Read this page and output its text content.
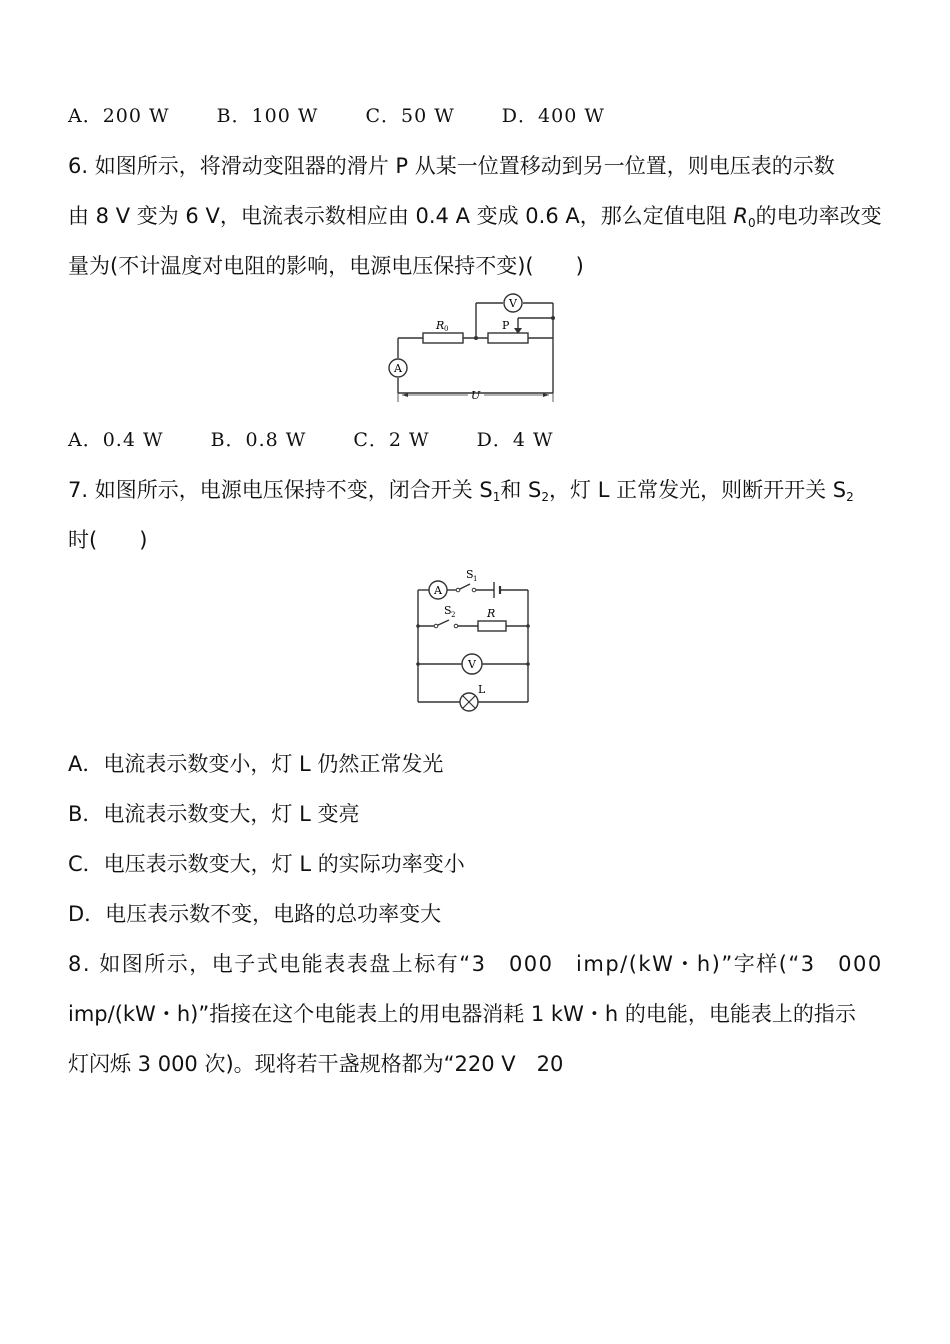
A．200 W B．100 W C．50 W D．400 W
6. 如图所示，将滑动变阻器的滑片 P 从某一位置移动到另一位置，则电压表的示数
由 8 V 变为 6 V，电流表示数相应由 0.4 A 变成 0.6 A，那么定值电阻 $R_0$的电功率改变
量为(不计温度对电阻的影响，电源电压保持不变)(　　)
V
A
R 0	P
U
A．0.4 W B．0.8 W C．2 W D．4 W
7. 如图所示，电源电压保持不变，闭合开关 $S_1$和 $S_2$，灯 L 正常发光，则断开开关 $S_2$
时(　　)
A
S 1
S 2	R
V
L
A．电流表示数变小，灯 L 仍然正常发光
B．电流表示数变大，灯 L 变亮
C．电压表示数变大，灯 L 的实际功率变小
D．电压表示数不变，电路的总功率变大
8. 如图所示，电子式电能表表盘上标有“3　000　imp/(kW・h)”字样(“3　000
imp/(kW・h)”指接在这个电能表上的用电器消耗 1 kW・h 的电能，电能表上的指示
灯闪烁 3 000 次)。现将若干盏规格都为“220 V　20
